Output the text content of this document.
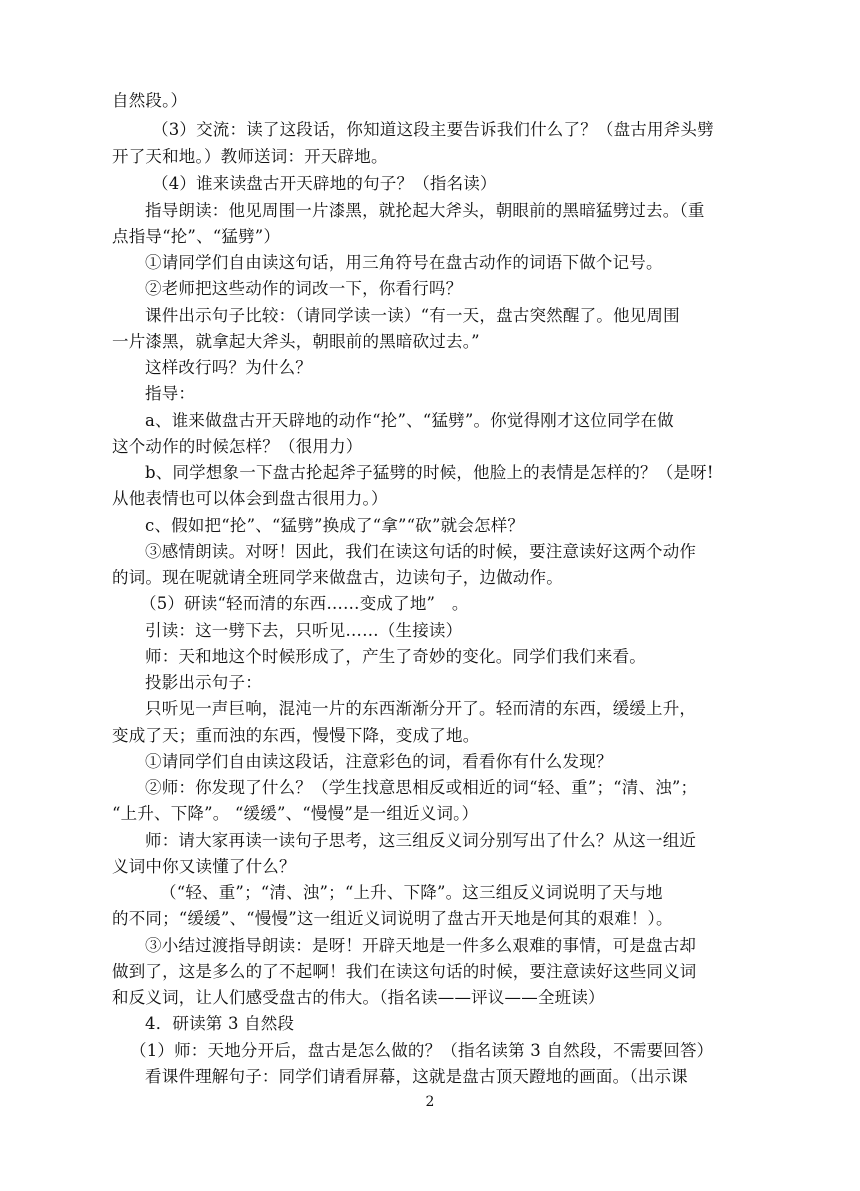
自然段。）
（3）交流：读了这段话，你知道这段主要告诉我们什么了？（盘古用斧头劈
开了天和地。）教师送词：开天辟地。
（4）谁来读盘古开天辟地的句子？（指名读）
指导朗读：他见周围一片漆黑，就抡起大斧头，朝眼前的黑暗猛劈过去。（重
点指导“抡”、“猛劈”）
①请同学们自由读这句话，用三角符号在盘古动作的词语下做个记号。
②老师把这些动作的词改一下，你看行吗？
课件出示句子比较：（请同学读一读）“有一天，盘古突然醒了。他见周围
一片漆黑，就拿起大斧头，朝眼前的黑暗砍过去。”
这样改行吗？为什么？
指导：
a、谁来做盘古开天辟地的动作“抡”、“猛劈”。你觉得刚才这位同学在做
这个动作的时候怎样？（很用力）
b、同学想象一下盘古抡起斧子猛劈的时候，他脸上的表情是怎样的？（是呀!
从他表情也可以体会到盘古很用力。）
c、假如把“抡”、“猛劈”换成了“拿”“砍”就会怎样？
③感情朗读。对呀！因此，我们在读这句话的时候，要注意读好这两个动作
的词。现在呢就请全班同学来做盘古，边读句子，边做动作。
（5）研读“轻而清的东西……变成了地”　。
引读：这一劈下去，只听见……（生接读）
师：天和地这个时候形成了，产生了奇妙的变化。同学们我们来看。
投影出示句子：
只听见一声巨响，混沌一片的东西渐渐分开了。轻而清的东西，缓缓上升，
变成了天；重而浊的东西，慢慢下降，变成了地。
①请同学们自由读这段话，注意彩色的词，看看你有什么发现？
②师：你发现了什么？（学生找意思相反或相近的词“轻、重”；“清、浊”；
“上升、下降”。 “缓缓”、“慢慢”是一组近义词。）
师：请大家再读一读句子思考，这三组反义词分别写出了什么？从这一组近
义词中你又读懂了什么？
（“轻、重”；“清、浊”；“上升、下降”。这三组反义词说明了天与地
的不同；“缓缓”、“慢慢”这一组近义词说明了盘古开天地是何其的艰难！）。
③小结过渡指导朗读：是呀！开辟天地是一件多么艰难的事情，可是盘古却
做到了，这是多么的了不起啊！我们在读这句话的时候，要注意读好这些同义词
和反义词，让人们感受盘古的伟大。（指名读——评议——全班读）
4．研读第 3 自然段
（1）师：天地分开后，盘古是怎么做的？（指名读第 3 自然段，不需要回答）
看课件理解句子：同学们请看屏幕，这就是盘古顶天蹬地的画面。（出示课
2
